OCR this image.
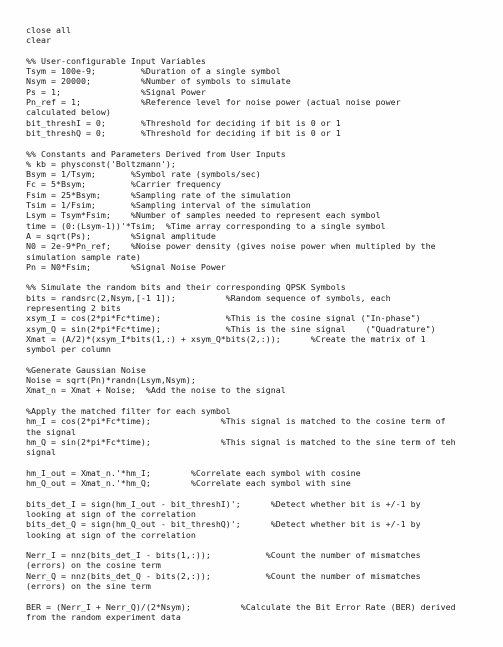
close all
clear
%% User-configurable Input Variables
Tsym = 100e-9;         %Duration of a single symbol
Nsym = 20000;          %Number of symbols to simulate
Ps = 1;                %Signal Power
Pn_ref = 1;            %Reference level for noise power (actual noise power
calculated below)
bit_threshI = 0;       %Threshold for deciding if bit is 0 or 1
bit_threshQ = 0;       %Threshold for deciding if bit is 0 or 1
%% Constants and Parameters Derived from User Inputs
% kb = physconst('Boltzmann');
Bsym = 1/Tsym;       %Symbol rate (symbols/sec)
Fc = 5*Bsym;         %Carrier frequency
Fsim = 25*Bsym;      %Sampling rate of the simulation
Tsim = 1/Fsim;       %Sampling interval of the simulation
Lsym = Tsym*Fsim;    %Number of samples needed to represent each symbol
time = (0:(Lsym-1))'*Tsim;  %Time array corresponding to a single symbol
A = sqrt(Ps);        %Signal amplitude
N0 = 2e-9*Pn_ref;    %Noise power density (gives noise power when multipled by the
simulation sample rate)
Pn = N0*Fsim;        %Signal Noise Power
%% Simulate the random bits and their corresponding QPSK Symbols
bits = randsrc(2,Nsym,[-1 1]);          %Random sequence of symbols, each
representing 2 bits
xsym_I = cos(2*pi*Fc*time);             %This is the cosine signal ("In-phase")
xsym_Q = sin(2*pi*Fc*time);             %This is the sine signal    ("Quadrature")
Xmat = (A/2)*(xsym_I*bits(1,:) + xsym_Q*bits(2,:));      %Create the matrix of 1
symbol per column
%Generate Gaussian Noise
Noise = sqrt(Pn)*randn(Lsym,Nsym);
Xmat_n = Xmat + Noise;  %Add the noise to the signal
%Apply the matched filter for each symbol
hm_I = cos(2*pi*Fc*time);              %This signal is matched to the cosine term of
the signal
hm_Q = sin(2*pi*Fc*time);              %This signal is matched to the sine term of teh
signal
hm_I_out = Xmat_n.'*hm_I;        %Correlate each symbol with cosine
hm_Q_out = Xmat_n.'*hm_Q;        %Correlate each symbol with sine
bits_det_I = sign(hm_I_out - bit_threshI)';      %Detect whether bit is +/-1 by
looking at sign of the correlation
bits_det_Q = sign(hm_Q_out - bit_threshQ)';      %Detect whether bit is +/-1 by
looking at sign of the correlation
Nerr_I = nnz(bits_det_I - bits(1,:));           %Count the number of mismatches
(errors) on the cosine term
Nerr_Q = nnz(bits_det_Q - bits(2,:));           %Count the number of mismatches
(errors) on the sine term
BER = (Nerr_I + Nerr_Q)/(2*Nsym);          %Calculate the Bit Error Rate (BER) derived
from the random experiment data
